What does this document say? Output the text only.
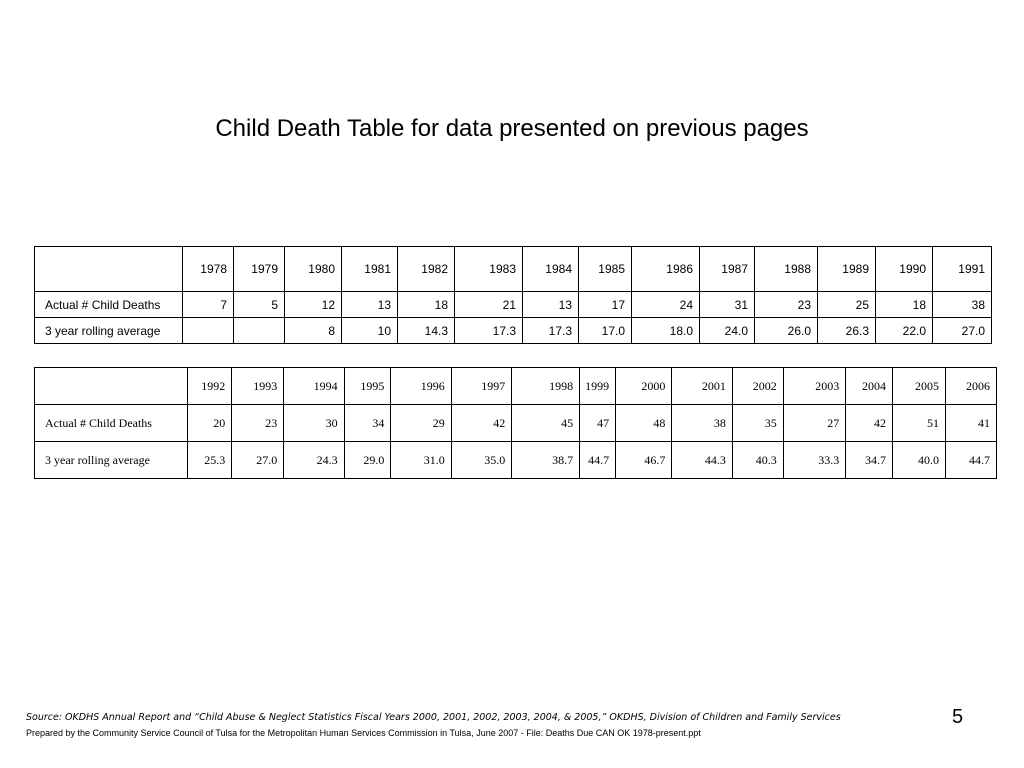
Child Death Table for data presented on previous pages
	1978	1979	1980	1981	1982	1983	1984	1985	1986	1987	1988	1989	1990	1991
Actual # Child Deaths	7	5	12	13	18	21	13	17	24	31	23	25	18	38
3 year rolling average			8	10	14.3	17.3	17.3	17.0	18.0	24.0	26.0	26.3	22.0	27.0
	1992	1993	1994	1995	1996	1997	1998	1999	2000	2001	2002	2003	2004	2005	2006
Actual # Child Deaths	20	23	30	34	29	42	45	47	48	38	35	27	42	51	41
3 year rolling average	25.3	27.0	24.3	29.0	31.0	35.0	38.7	44.7	46.7	44.3	40.3	33.3	34.7	40.0	44.7
Source: OKDHS Annual Report and “Child Abuse & Neglect Statistics Fiscal Years 2000, 2001, 2002, 2003, 2004, & 2005,” OKDHS, Division of Children and Family Services
Prepared by the Community Service Council of Tulsa for the Metropolitan Human Services Commission in Tulsa, June 2007 - File: Deaths Due CAN OK 1978-present.ppt
5
